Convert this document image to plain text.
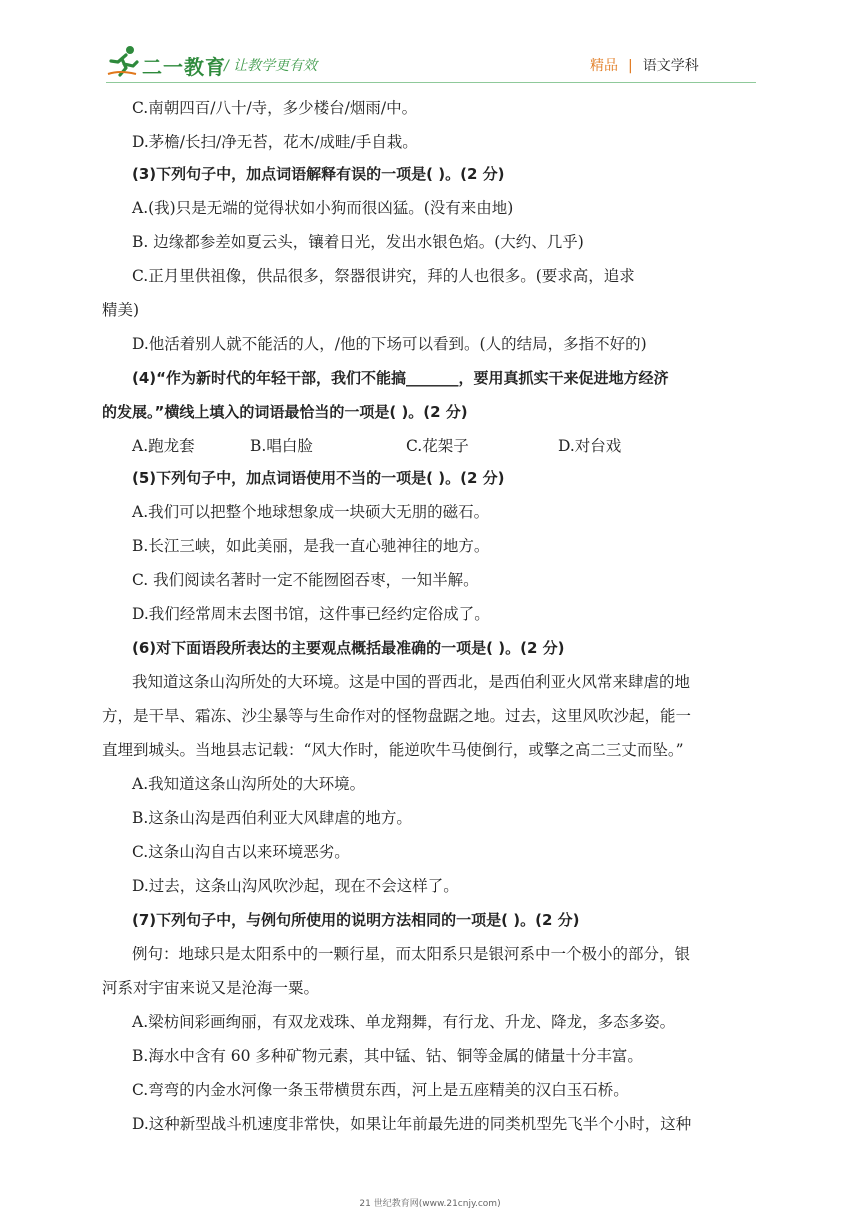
二一教育
/ 让教学更有效	精品 | 语文学科
C.南朝四百/八十/寺，多少楼台/烟雨/中。
D.茅檐/长扫/净无苔，花木/成畦/手自栽。
(3)下列句子中，加点词语解释有误的一项是( )。(2 分)
A.(我)只是无端的觉得状如小狗而很凶猛。(没有来由地)
B. 边缘都参差如夏云头，镶着日光，发出水银色焰。(大约、几乎)
C.正月里供祖像，供品很多，祭器很讲究，拜的人也很多。(要求高，追求
精美)
D.他活着别人就不能活的人，/他的下场可以看到。(人的结局，多指不好的)
(4)“作为新时代的年轻干部，我们不能搞_______，要用真抓实干来促进地方经济
的发展。”横线上填入的词语最恰当的一项是( )。(2 分)
A.跑龙套	B.唱白脸	C.花架子	D.对台戏
(5)下列句子中，加点词语使用不当的一项是( )。(2 分)
A.我们可以把整个地球想象成一块硕大无朋的磁石。
B.长江三峡，如此美丽，是我一直心驰神往的地方。
C. 我们阅读名著时一定不能囫囵吞枣，一知半解。
D.我们经常周末去图书馆，这件事已经约定俗成了。
(6)对下面语段所表达的主要观点概括最准确的一项是( )。(2 分)
我知道这条山沟所处的大环境。这是中国的晋西北，是西伯利亚火风常来肆虐的地
方，是干旱、霜冻、沙尘暴等与生命作对的怪物盘踞之地。过去，这里风吹沙起，能一
直埋到城头。当地县志记载：“风大作时，能逆吹牛马使倒行，或擎之高二三丈而坠。”
A.我知道这条山沟所处的大环境。
B.这条山沟是西伯利亚大风肆虐的地方。
C.这条山沟自古以来环境恶劣。
D.过去，这条山沟风吹沙起，现在不会这样了。
(7)下列句子中，与例句所使用的说明方法相同的一项是( )。(2 分)
例句：地球只是太阳系中的一颗行星，而太阳系只是银河系中一个极小的部分，银
河系对宇宙来说又是沧海一粟。
A.梁枋间彩画绚丽，有双龙戏珠、单龙翔舞，有行龙、升龙、降龙，多态多姿。
B.海水中含有 60 多种矿物元素，其中锰、钴、铜等金属的储量十分丰富。
C.弯弯的内金水河像一条玉带横贯东西，河上是五座精美的汉白玉石桥。
D.这种新型战斗机速度非常快，如果让年前最先进的同类机型先飞半个小时，这种
21 世纪教育网(www.21cnjy.com)
